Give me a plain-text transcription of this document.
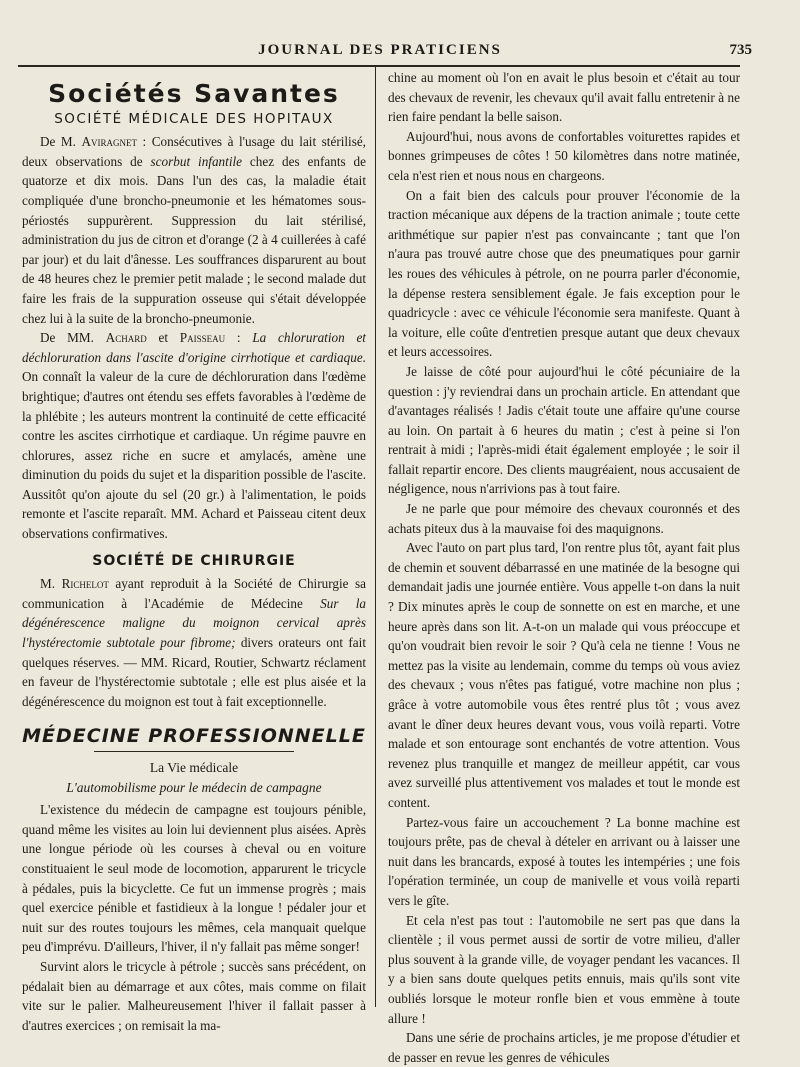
JOURNAL DES PRATICIENS	735
Sociétés Savantes
SOCIÉTÉ MÉDICALE DES HOPITAUX

De M. Aviragnet : Consécutives à l'usage du lait stérilisé, deux observations de scorbut infantile chez des enfants de quatorze et dix mois. Dans l'un des cas, la maladie était compliquée d'une broncho-pneumonie et les hématomes sous-périostés suppurèrent. Suppression du lait stérilisé, administration du jus de citron et d'orange (2 à 4 cuillerées à café par jour) et du lait d'ânesse. Les souffrances disparurent au bout de 48 heures chez le premier petit malade ; le second malade dut faire les frais de la suppuration osseuse qui s'était développée chez lui à la suite de la broncho-pneumonie.

De MM. Achard et Paisseau : La chloruration et déchloruration dans l'ascite d'origine cirrhotique et cardiaque. On connaît la valeur de la cure de déchloruration dans l'œdème brightique; d'autres ont étendu ses effets favorables à l'œdème de la phlébite ; les auteurs montrent la continuité de cette efficacité contre les ascites cirrhotique et cardiaque. Un régime pauvre en chlorures, assez riche en sucre et amylacés, amène une diminution du poids du sujet et la disparition possible de l'ascite. Aussitôt qu'on ajoute du sel (20 gr.) à l'alimentation, le poids remonte et l'ascite reparaît. MM. Achard et Paisseau citent deux observations confirmatives.

SOCIÉTÉ DE CHIRURGIE

M. Richelot ayant reproduit à la Société de Chirurgie sa communication à l'Académie de Médecine Sur la dégénérescence maligne du moignon cervical après l'hystérectomie subtotale pour fibrome; divers orateurs ont fait quelques réserves. — MM. Ricard, Routier, Schwartz réclament en faveur de l'hystérectomie subtotale ; elle est plus aisée et la dégénérescence du moignon est tout à fait exceptionnelle.

MÉDECINE PROFESSIONNELLE
La Vie médicale
L'automobilisme pour le médecin de campagne

L'existence du médecin de campagne est toujours pénible, quand même les visites au loin lui deviennent plus aisées. Après une longue période où les courses à cheval ou en voiture constituaient le seul mode de locomotion, apparurent le tricycle à pédales, puis la bicyclette. Ce fut un immense progrès ; mais quel exercice pénible et fastidieux à la longue ! pédaler jour et nuit sur des routes toujours les mêmes, cela manquait quelque peu d'imprévu. D'ailleurs, l'hiver, il n'y fallait pas même songer!

Survint alors le tricycle à pétrole ; succès sans précédent, on pédalait bien au démarrage et aux côtes, mais comme on filait vite sur le palier. Malheureusement l'hiver il fallait passer à d'autres exercices ; on remisait la ma-

chine au moment où l'on en avait le plus besoin et c'était au tour des chevaux de revenir, les chevaux qu'il avait fallu entretenir à ne rien faire pendant la belle saison.

Aujourd'hui, nous avons de confortables voiturettes rapides et bonnes grimpeuses de côtes ! 50 kilomètres dans notre matinée, cela n'est rien et nous nous en chargeons.

On a fait bien des calculs pour prouver l'économie de la traction mécanique aux dépens de la traction animale ; toute cette arithmétique sur papier n'est pas convaincante ; tant que l'on n'aura pas trouvé autre chose que des pneumatiques pour garnir les roues des véhicules à pétrole, on ne pourra parler d'économie, la dépense restera sensiblement égale. Je fais exception pour le quadricycle : avec ce véhicule l'économie sera manifeste. Quant à la voiture, elle coûte d'entretien presque autant que deux chevaux et leurs accessoires.

Je laisse de côté pour aujourd'hui le côté pécuniaire de la question : j'y reviendrai dans un prochain article. En attendant que d'avantages réalisés ! Jadis c'était toute une affaire qu'une course au loin. On partait à 6 heures du matin ; c'est à peine si l'on rentrait à midi ; l'après-midi était également employée ; le soir il fallait repartir encore. Des clients maugréaient, nous accusaient de négligence, nous n'arrivions pas à tout faire.

Je ne parle que pour mémoire des chevaux couronnés et des achats piteux dus à la mauvaise foi des maquignons.

Avec l'auto on part plus tard, l'on rentre plus tôt, ayant fait plus de chemin et souvent débarrassé en une matinée de la besogne qui demandait jadis une journée entière. Vous appelle t-on dans la nuit ? Dix minutes après le coup de sonnette on est en marche, et une heure après dans son lit. A-t-on un malade qui vous préoccupe et qu'on voudrait bien revoir le soir ? Qu'à cela ne tienne ! Vous ne mettez pas la visite au lendemain, comme du temps où vous aviez des chevaux ; vous n'êtes pas fatigué, votre machine non plus ; grâce à votre automobile vous êtes rentré plus tôt ; vous avez avant le dîner deux heures devant vous, vous voilà reparti. Votre malade et son entourage sont enchantés de votre attention. Vous revenez plus tranquille et mangez de meilleur appétit, car vous avez surveillé plus attentivement vos malades et tout le monde est content.

Partez-vous faire un accouchement ? La bonne machine est toujours prête, pas de cheval à dételer en arrivant ou à laisser une nuit dans les brancards, exposé à toutes les intempéries ; une fois l'opération terminée, un coup de manivelle et vous voilà reparti vers le gîte.

Et cela n'est pas tout : l'automobile ne sert pas que dans la clientèle ; il vous permet aussi de sortir de votre milieu, d'aller plus souvent à la grande ville, de voyager pendant les vacances. Il y a bien sans doute quelques petits ennuis, mais qu'ils sont vite oubliés lorsque le moteur ronfle bien et vous emmène à toute allure !

Dans une série de prochains articles, je me propose d'étudier et de passer en revue les genres de véhicules
